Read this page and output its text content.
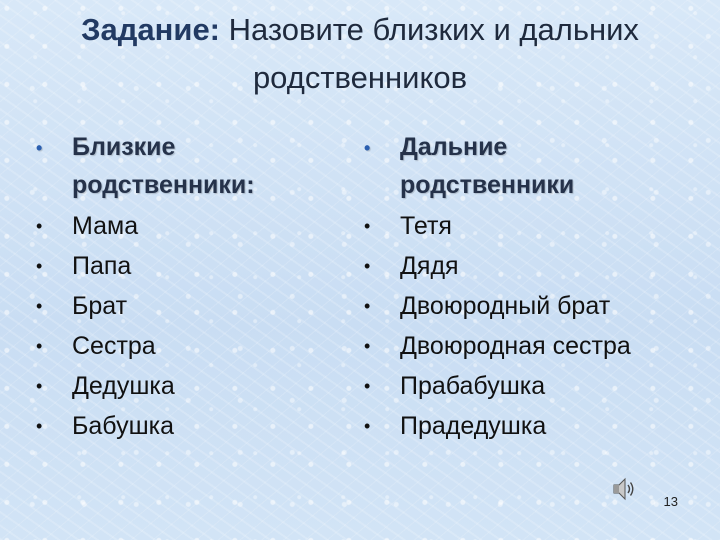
Задание: Назовите близких и дальних родственников
•	Близкие родственники:
•	Мама
•	Папа
•	Брат
•	Сестра
•	Дедушка
•	Бабушка
•	Дальние родственники
•	Тетя
•	Дядя
•	Двоюродный брат
•	Двоюродная сестра
•	Прабабушка
•	Прадедушка
13
